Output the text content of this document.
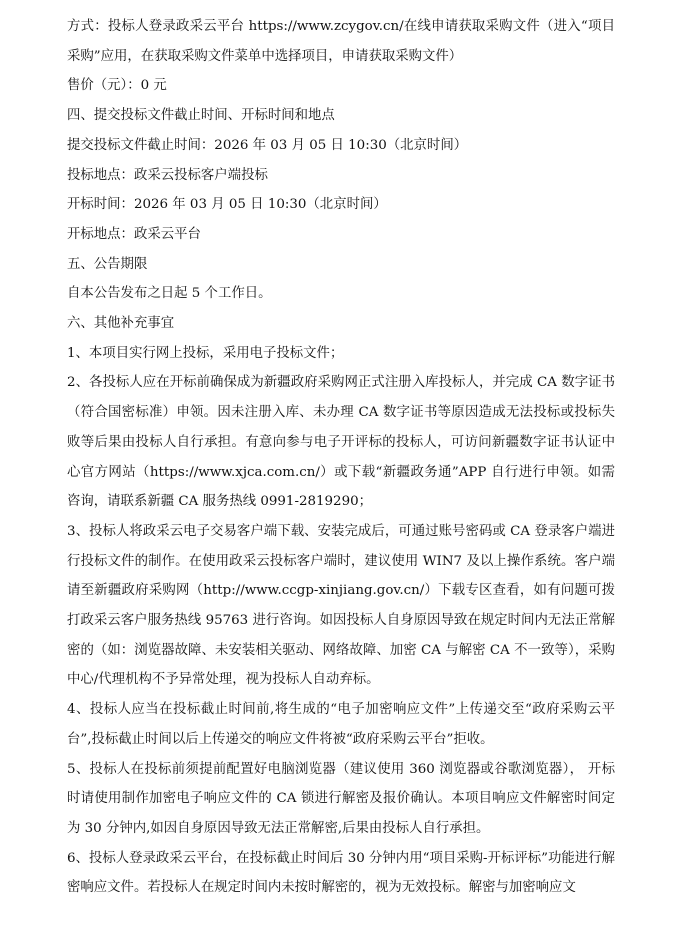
方式：投标人登录政采云平台 https://www.zcygov.cn/在线申请获取采购文件（进入“项目采购”应用，在获取采购文件菜单中选择项目，申请获取采购文件）
售价（元）：0 元
四、提交投标文件截止时间、开标时间和地点
提交投标文件截止时间：2026 年 03 月 05 日 10:30（北京时间）
投标地点：政采云投标客户端投标
开标时间：2026 年 03 月 05 日 10:30（北京时间）
开标地点：政采云平台
五、公告期限
自本公告发布之日起 5 个工作日。
六、其他补充事宜
1、本项目实行网上投标，采用电子投标文件；
2、各投标人应在开标前确保成为新疆政府采购网正式注册入库投标人，并完成 CA 数字证书（符合国密标准）申领。因未注册入库、未办理 CA 数字证书等原因造成无法投标或投标失败等后果由投标人自行承担。有意向参与电子开评标的投标人，可访问新疆数字证书认证中心官方网站（https://www.xjca.com.cn/）或下载“新疆政务通”APP 自行进行申领。如需咨询，请联系新疆 CA 服务热线 0991-2819290；
3、投标人将政采云电子交易客户端下载、安装完成后，可通过账号密码或 CA 登录客户端进行投标文件的制作。在使用政采云投标客户端时，建议使用 WIN7 及以上操作系统。客户端请至新疆政府采购网（http://www.ccgp-xinjiang.gov.cn/）下载专区查看，如有问题可拨打政采云客户服务热线 95763 进行咨询。如因投标人自身原因导致在规定时间内无法正常解密的（如：浏览器故障、未安装相关驱动、网络故障、加密 CA 与解密 CA 不一致等），采购中心/代理机构不予异常处理，视为投标人自动弃标。
4、投标人应当在投标截止时间前,将生成的“电子加密响应文件”上传递交至“政府采购云平台”,投标截止时间以后上传递交的响应文件将被“政府采购云平台”拒收。
5、投标人在投标前须提前配置好电脑浏览器（建议使用 360 浏览器或谷歌浏览器）， 开标时请使用制作加密电子响应文件的 CA 锁进行解密及报价确认。本项目响应文件解密时间定为 30 分钟内,如因自身原因导致无法正常解密,后果由投标人自行承担。
6、投标人登录政采云平台，在投标截止时间后 30 分钟内用“项目采购-开标评标”功能进行解密响应文件。若投标人在规定时间内未按时解密的，视为无效投标。解密与加密响应文
